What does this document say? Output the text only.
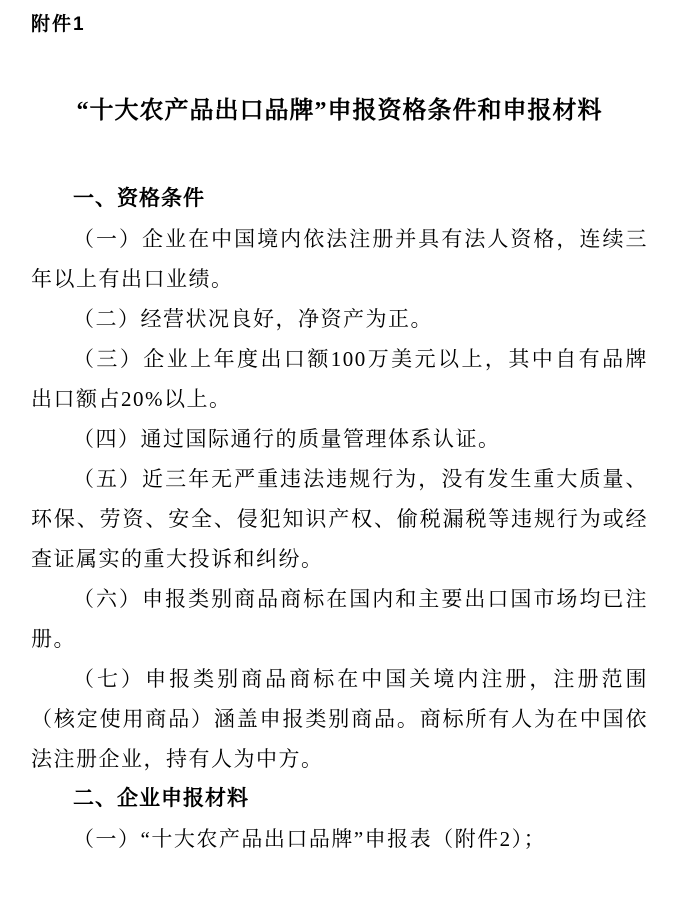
附件1
“十大农产品出口品牌”申报资格条件和申报材料
一、资格条件

（一）企业在中国境内依法注册并具有法人资格，连续三年以上有出口业绩。

（二）经营状况良好，净资产为正。

（三）企业上年度出口额100万美元以上，其中自有品牌出口额占20%以上。

（四）通过国际通行的质量管理体系认证。

（五）近三年无严重违法违规行为，没有发生重大质量、环保、劳资、安全、侵犯知识产权、偷税漏税等违规行为或经查证属实的重大投诉和纠纷。

（六）申报类别商品商标在国内和主要出口国市场均已注册。

（七）申报类别商品商标在中国关境内注册，注册范围（核定使用商品）涵盖申报类别商品。商标所有人为在中国依法注册企业，持有人为中方。

二、企业申报材料

（一）“十大农产品出口品牌”申报表（附件2）；
